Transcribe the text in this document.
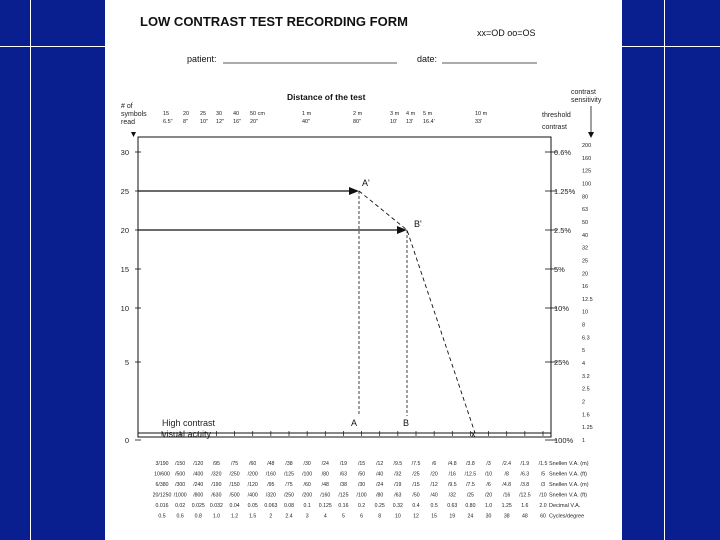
LOW CONTRAST TEST RECORDING FORM
xx=OD oo=OS
patient:	date:
Distance of the test
# of
symbols
read
contrast
sensitivity
threshold
contrast
15
6.5"
20
8"
25
10"
30
12"
40
16"
50 cm
20"
1 m
40"
2 m
80"
3 m
10'
4 m
13'
5 m
16.4'
10 m
33'
30
25
20
15
10
5
0
0.6%
1.25%
2.5%
5%
10%
25%
100%
200
160
125
100
80
63
50
40
32
25
20
16
12.5
10
8
6.3
5
4
3.2
2.5
2
1.6
1.25
1
High contrast
visual acuity
A'
B'
A	B
x
3/190 /150 /120 /95 /75 /60 /48 /38 /30 /24 /19 /15 /12 /9.5 /7.5 /6 /4.8 /3.8 /3 /2.4 /1.9 /1.5 Snellen V.A. (m)
10/600 /500 /400 /320 /250 /200 /160 /125 /100 /80 /63 /50 /40 /32 /25 /20 /16 /12.5 /10 /8 /6.3 /5 Snellen V.A. (ft)
6/380 /300 /240 /190 /150 /120 /95 /75 /60 /48 /38 /30 /24 /19 /15 /12 /9.5 /7.5 /6 /4.8 /3.8 /3 Snellen V.A. (m)
20/1250 /1000 /800 /630 /500 /400 /320 /250 /200 /160 /125 /100 /80 /63 /50 /40 /32 /25 /20 /16 /12.5 /10 Snellen V.A. (ft)
0.016 0.02 0.025 0.032 0.04 0.05 0.063 0.08 0.1 0.125 0.16 0.2 0.25 0.32 0.4 0.5 0.63 0.80 1.0 1.25 1.6 2.0 Decimal V.A.
0.5 0.6 0.8 1.0 1.2 1.5	2	2.4	3	4	5	6	8	10 12 15 19 24 30 38 48 60 Cycles/degree
